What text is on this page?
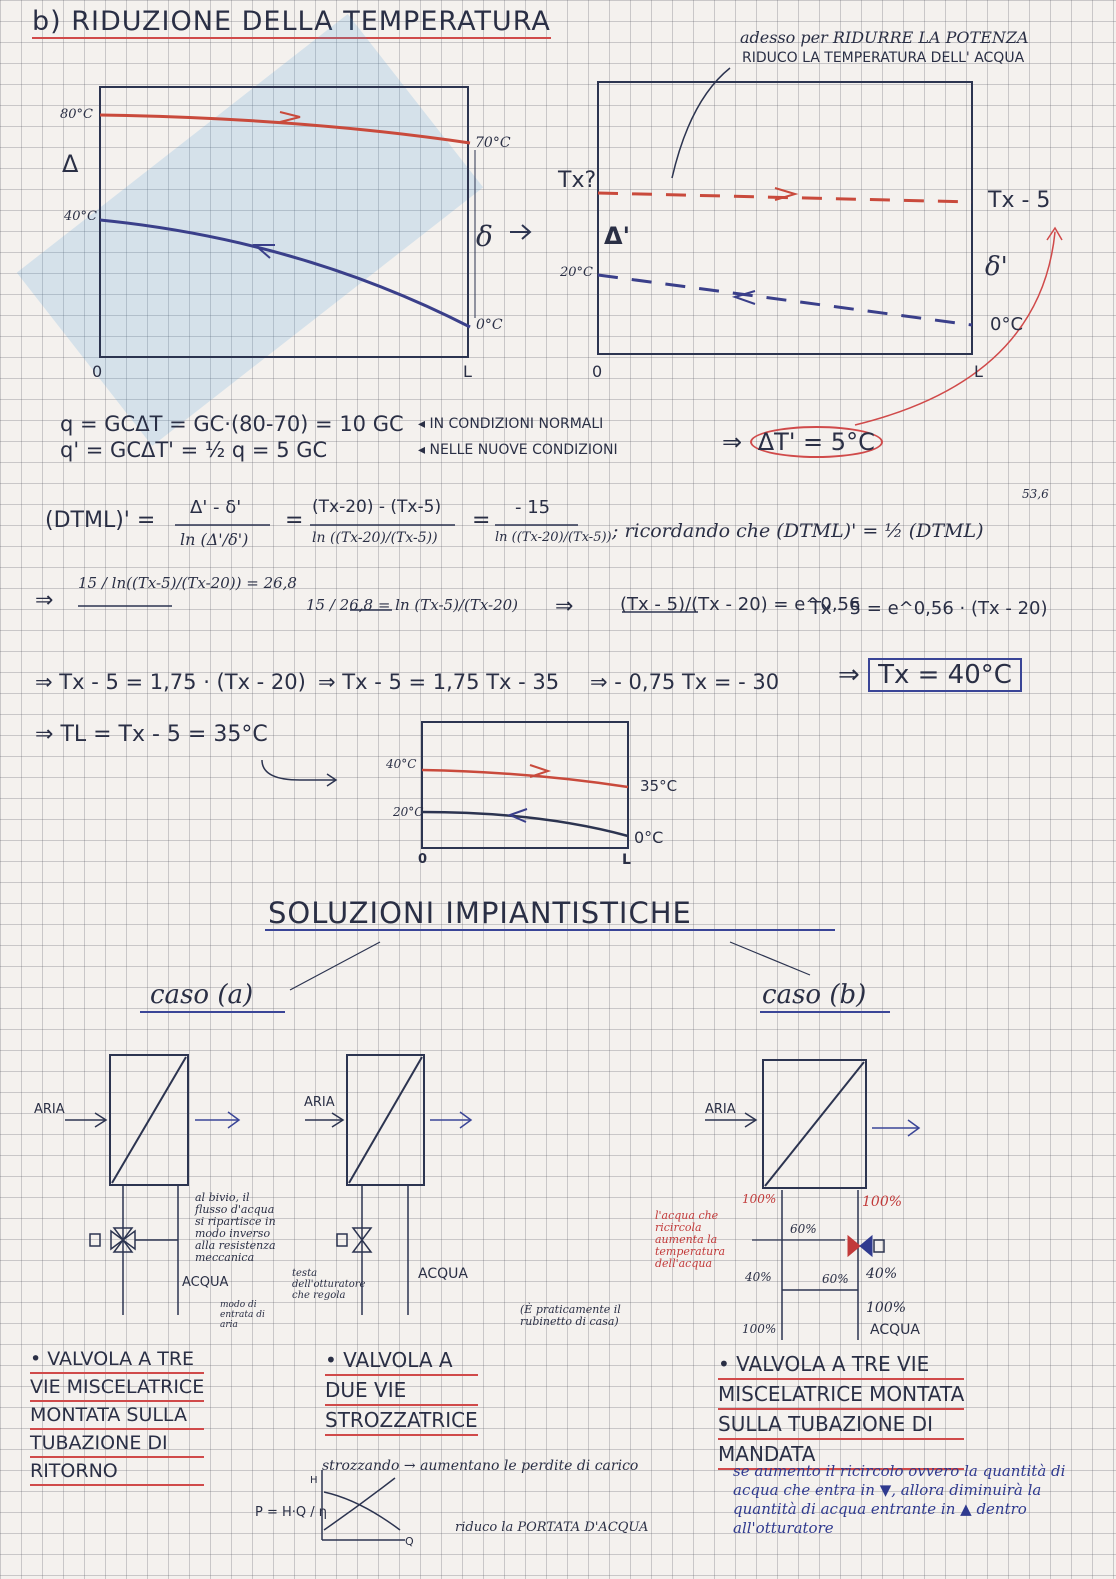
b) RIDUZIONE DELLA TEMPERATURA
adesso per RIDURRE LA POTENZA
RIDUCO LA TEMPERATURA DELL' ACQUA
80°C
70°C
Δ
40°C
δ
0°C
0	L
Tx?
Tx - 5
Δ'
δ'
20°C
0°C
0	L
q = GCΔT = GC·(80-70) = 10 GC ◂ IN CONDIZIONI NORMALI
q' = GCΔT' = ½ q = 5 GC	◂ NELLE NUOVE CONDIZIONI	⇒ ΔT' = 5°C
(DTML)' =
Δ' - δ'
ln (Δ'/δ')
=
(Tx-20) - (Tx-5)
ln ((Tx-20)/(Tx-5))
=
- 15
ln ((Tx-20)/(Tx-5)) ; ricordando che (DTML)' = ½ (DTML)
53,6
⇒
15 / ln((Tx-5)/(Tx-20)) = 26,8
15 / 26,8 = ln (Tx-5)/(Tx-20) ⇒	(Tx - 5)/(Tx - 20) = e^0,56
Tx - 5 = e^0,56 · (Tx - 20)
⇒ Tx - 5 = 1,75 · (Tx - 20) ⇒ Tx - 5 = 1,75 Tx - 35 ⇒ - 0,75 Tx = - 30 ⇒ Tx = 40°C
⇒ TL = Tx - 5 = 35°C
40°C
35°C
20°C
0°C
0	L
SOLUZIONI IMPIANTISTICHE
caso (a)	caso (b)
ARIA
ACQUA
al bivio, il flusso d'acqua si ripartisce in modo inverso alla resistenza meccanica
modo di entrata di aria
ARIA
ACQUA
testa dell'otturatore che regola
(È praticamente il rubinetto di casa)
ARIA
100%	100%
60%
40%	60% 40%
100%
100%	ACQUA
l'acqua che ricircola aumenta la temperatura dell'acqua
• VALVOLA A TRE
VIE MISCELATRICE
MONTATA SULLA
TUBAZIONE DI
RITORNO
• VALVOLA A
DUE VIE
STROZZATRICE
• VALVOLA A TRE VIE
MISCELATRICE MONTATA
SULLA TUBAZIONE DI
MANDATA
strozzando → aumentano le perdite di carico
riduco la PORTATA D'ACQUA
P = H·Q / η
H
Q
se aumento il ricircolo ovvero la quantità di acqua che entra in ▼, allora diminuirà la quantità di acqua entrante in ▲ dentro all'otturatore
